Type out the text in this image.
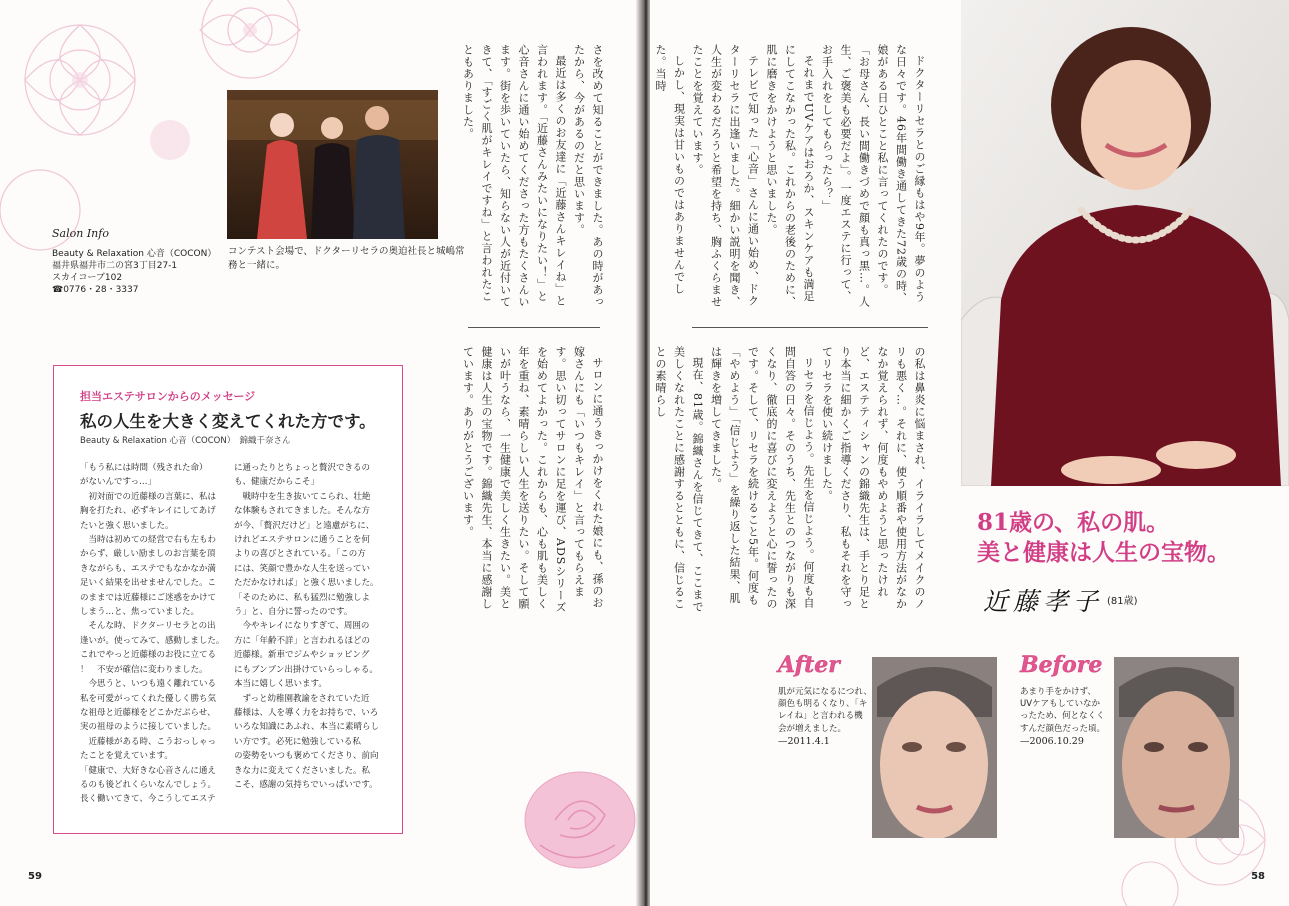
コンテスト会場で、ドクターリセラの奥迫社長と城嶋常
務と一緒に。
Salon Info
Beauty & Relaxation 心音（COCON）
福井県福井市二の宮3丁目27-1
スカイコーブ102
☎0776・28・3337	さを改めて知ることができました。あの時があったから、今があるのだと思います。

最近は多くのお友達に「近藤さんキレイね」と言われます。「近藤さんみたいになりたい！」と心音さんに通い始めてくださった方もたくさんいます。街を歩いていたら、知らない人が近付いてきて、「すごく肌がキレイですね」と言われたこともありました。

サロンに通うきっかけをくれた娘にも、孫のお嫁さんにも「いつもキレイ」と言ってもらえます。思い切ってサロンに足を運び、ADSシリーズを始めてよかった。これからも、心も肌も美しく年を重ね、素晴らしい人生を送りたい。そして願いが叶うなら、一生健康で美しく生きたい。美と健康は人生の宝物です。錦織先生、本当に感謝しています。ありがとうございます。

担当エステサロンからのメッセージ
私の人生を大きく変えてくれた方です。
Beauty & Relaxation 心音（COCON）　錦織千奈さん

「もう私には時間（残された命）

がないんですっ…」

初対面での近藤様の言葉に、私は

胸を打たれ、必ずキレイにしてあげ

たいと強く思いました。

当時は初めての経営で右も左もわ

からず、厳しい励ましのお言葉を頂

きながらも、エステでもなかなか満

足いく結果を出せませんでした。こ

のままでは近藤様にご迷惑をかけて

しまう…と、焦っていました。

そんな時、ドクターリセラとの出

逢いが。使ってみて、感動しました。

これでやっと近藤様のお役に立てる

！　不安が確信に変わりました。

今思うと、いつも遠く離れている

私を可愛がってくれた優しく勝ち気

な祖母と近藤様をどこかだぶらせ、

実の祖母のように接していました。

近藤様がある時、こうおっしゃっ

たことを覚えています。

「健康で、大好きな心音さんに通え

るのも後どれくらいなんでしょう。

長く働いてきて、今こうしてエステ

に通ったりとちょっと贅沢できるの

も、健康だからこそ」

戦時中を生き抜いてこられ、壮絶

な体験もされてきました。そんな方

が今、「贅沢だけど」と遠慮がちに、

けれどエステサロンに通うことを何

よりの喜びとされている。「この方

には、笑顔で豊かな人生を送ってい

ただかなければ」と強く思いました。

「そのために、私も猛烈に勉強しよ

う」と、自分に誓ったのです。

今やキレイになりすぎて、周囲の

方に「年齢不詳」と言われるほどの

近藤様。新車でジムやショッピング

にもブンブン出掛けていらっしゃる。

本当に嬉しく思います。

ずっと幼稚園教諭をされていた近

藤様は、人を導く力をお持ちで、いろ

いろな知識にあふれ、本当に素晴らし

い方です。必死に勉強している私

の姿勢をいつも褒めてくださり、前向

きな力に変えてくださいました。私

こそ、感謝の気持ちでいっぱいです。

59

ドクターリセラとのご縁もはや9年。夢のような日々です。46年間働き通してきた72歳の時、娘がある日ひとこと私に言ってくれたのです。「お母さん、長い間働きづめで顔も真っ黒…。人生、ご褒美も必要だよ」。一度エステに行って、お手入れをしてもらったら？」

それまでUVケアはおろか、スキンケアも満足にしてこなかった私。これからの老後のために、肌に磨きをかけようと思いました。

テレビで知った「心音」さんに通い始め、ドクターリセラに出逢いました。細かい説明を聞き、人生が変わるだろうと希望を持ち、胸ふくらませたことを覚えています。

しかし、現実は甘いものではありませんでした。当時

の私は鼻炎に悩まされ、イライラしてメイクのノリも悪く…。それに、使う順番や使用方法がなかなか覚えられず、何度もやめようと思ったけれど、エステティシャンの錦織先生は、手とり足とり本当に細かくご指導くださり、私もそれを守ってリセラを使い続けました。

リセラを信じよう。先生を信じよう。何度も自問自答の日々。そのうち、先生とのつながりも深くなり、徹底的に喜びに変えようと心に誓ったのです。そして、リセラを続けること5年。何度も「やめよう」「信じよう」を繰り返した結果、肌は輝きを増してきました。

現在、81歳。錦織さんを信じてきて、ここまで美しくなれたことに感謝するとともに、信じることの素晴らし

58
81歳の、私の肌。
美と健康は人生の宝物。
近藤孝子 (81歳)
After
肌が元気になるにつれ、
顔色も明るくなり、「キ
レイね」と言われる機
会が増えました。
—2011.4.1
Before
あまり手をかけず、
UVケアもしていなか
ったため、何となくく
すんだ顔色だった頃。
—2006.10.29
